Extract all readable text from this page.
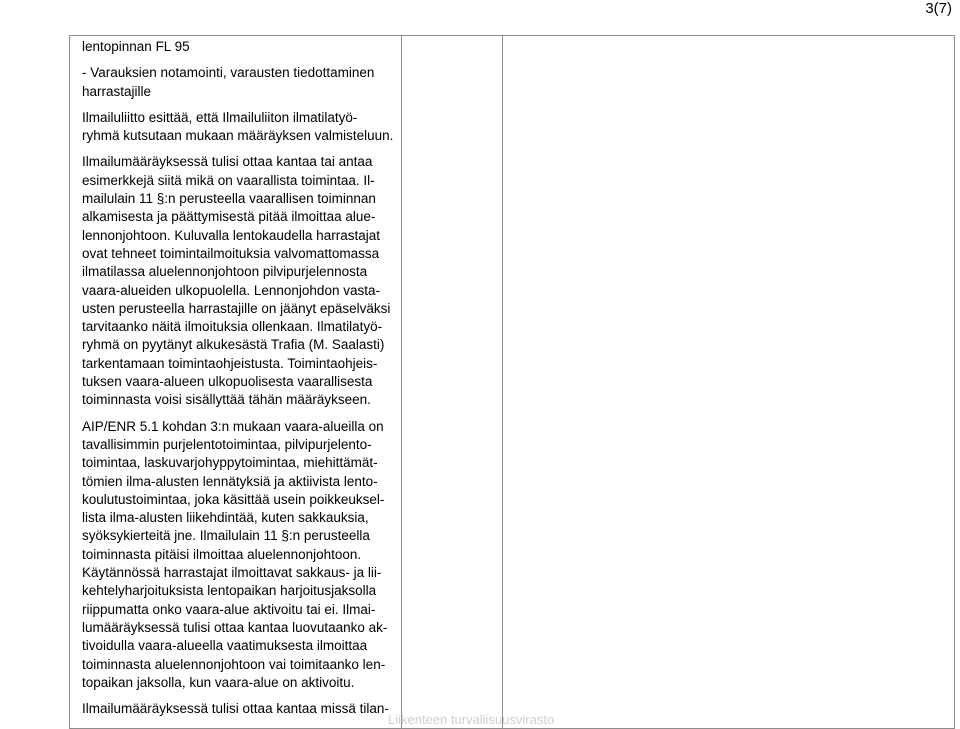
3(7)

lentopinnan FL 95

- Varauksien notamointi, varausten tiedottaminen
harrastajille

Ilmailuliitto esittää, että Ilmailuliiton ilmatilatyö-
ryhmä kutsutaan mukaan määräyksen valmisteluun.

Ilmailumääräyksessä tulisi ottaa kantaa tai antaa
esimerkkejä siitä mikä on vaarallista toimintaa. Il-
mailulain 11 §:n perusteella vaarallisen toiminnan
alkamisesta ja päättymisestä pitää ilmoittaa alue-
lennonjohtoon. Kuluvalla lentokaudella harrastajat
ovat tehneet toimintailmoituksia valvomattomassa
ilmatilassa aluelennonjohtoon pilvipurjelennosta
vaara-alueiden ulkopuolella. Lennonjohdon vasta-
usten perusteella harrastajille on jäänyt epäselväksi
tarvitaanko näitä ilmoituksia ollenkaan. Ilmatilatyö-
ryhmä on pyytänyt alkukesästä Trafia (M. Saalasti)
tarkentamaan toimintaohjeistusta. Toimintaohjeis-
tuksen vaara-alueen ulkopuolisesta vaarallisesta
toiminnasta voisi sisällyttää tähän määräykseen.

AIP/ENR 5.1 kohdan 3:n mukaan vaara-alueilla on
tavallisimmin purjelentotoimintaa, pilvipurjelento-
toimintaa, laskuvarjohyppytoimintaa, miehittämät-
tömien ilma-alusten lennätyksiä ja aktiivista lento-
koulutustoimintaa, joka käsittää usein poikkeuksel-
lista ilma-alusten liikehdintää, kuten sakkauksia,
syöksykierteitä jne. Ilmailulain 11 §:n perusteella
toiminnasta pitäisi ilmoittaa aluelennonjohtoon.
Käytännössä harrastajat ilmoittavat sakkaus- ja lii-
kehtelyharjoituksista lentopaikan harjoitusjaksolla
riippumatta onko vaara-alue aktivoitu tai ei. Ilmai-
lumääräyksessä tulisi ottaa kantaa luovutaanko ak-
tivoidulla vaara-alueella vaatimuksesta ilmoittaa
toiminnasta aluelennonjohtoon vai toimitaanko len-
topaikan jaksolla, kun vaara-alue on aktivoitu.

Ilmailumääräyksessä tulisi ottaa kantaa missä tilan-

Liikenteen turvallisuusvirasto
